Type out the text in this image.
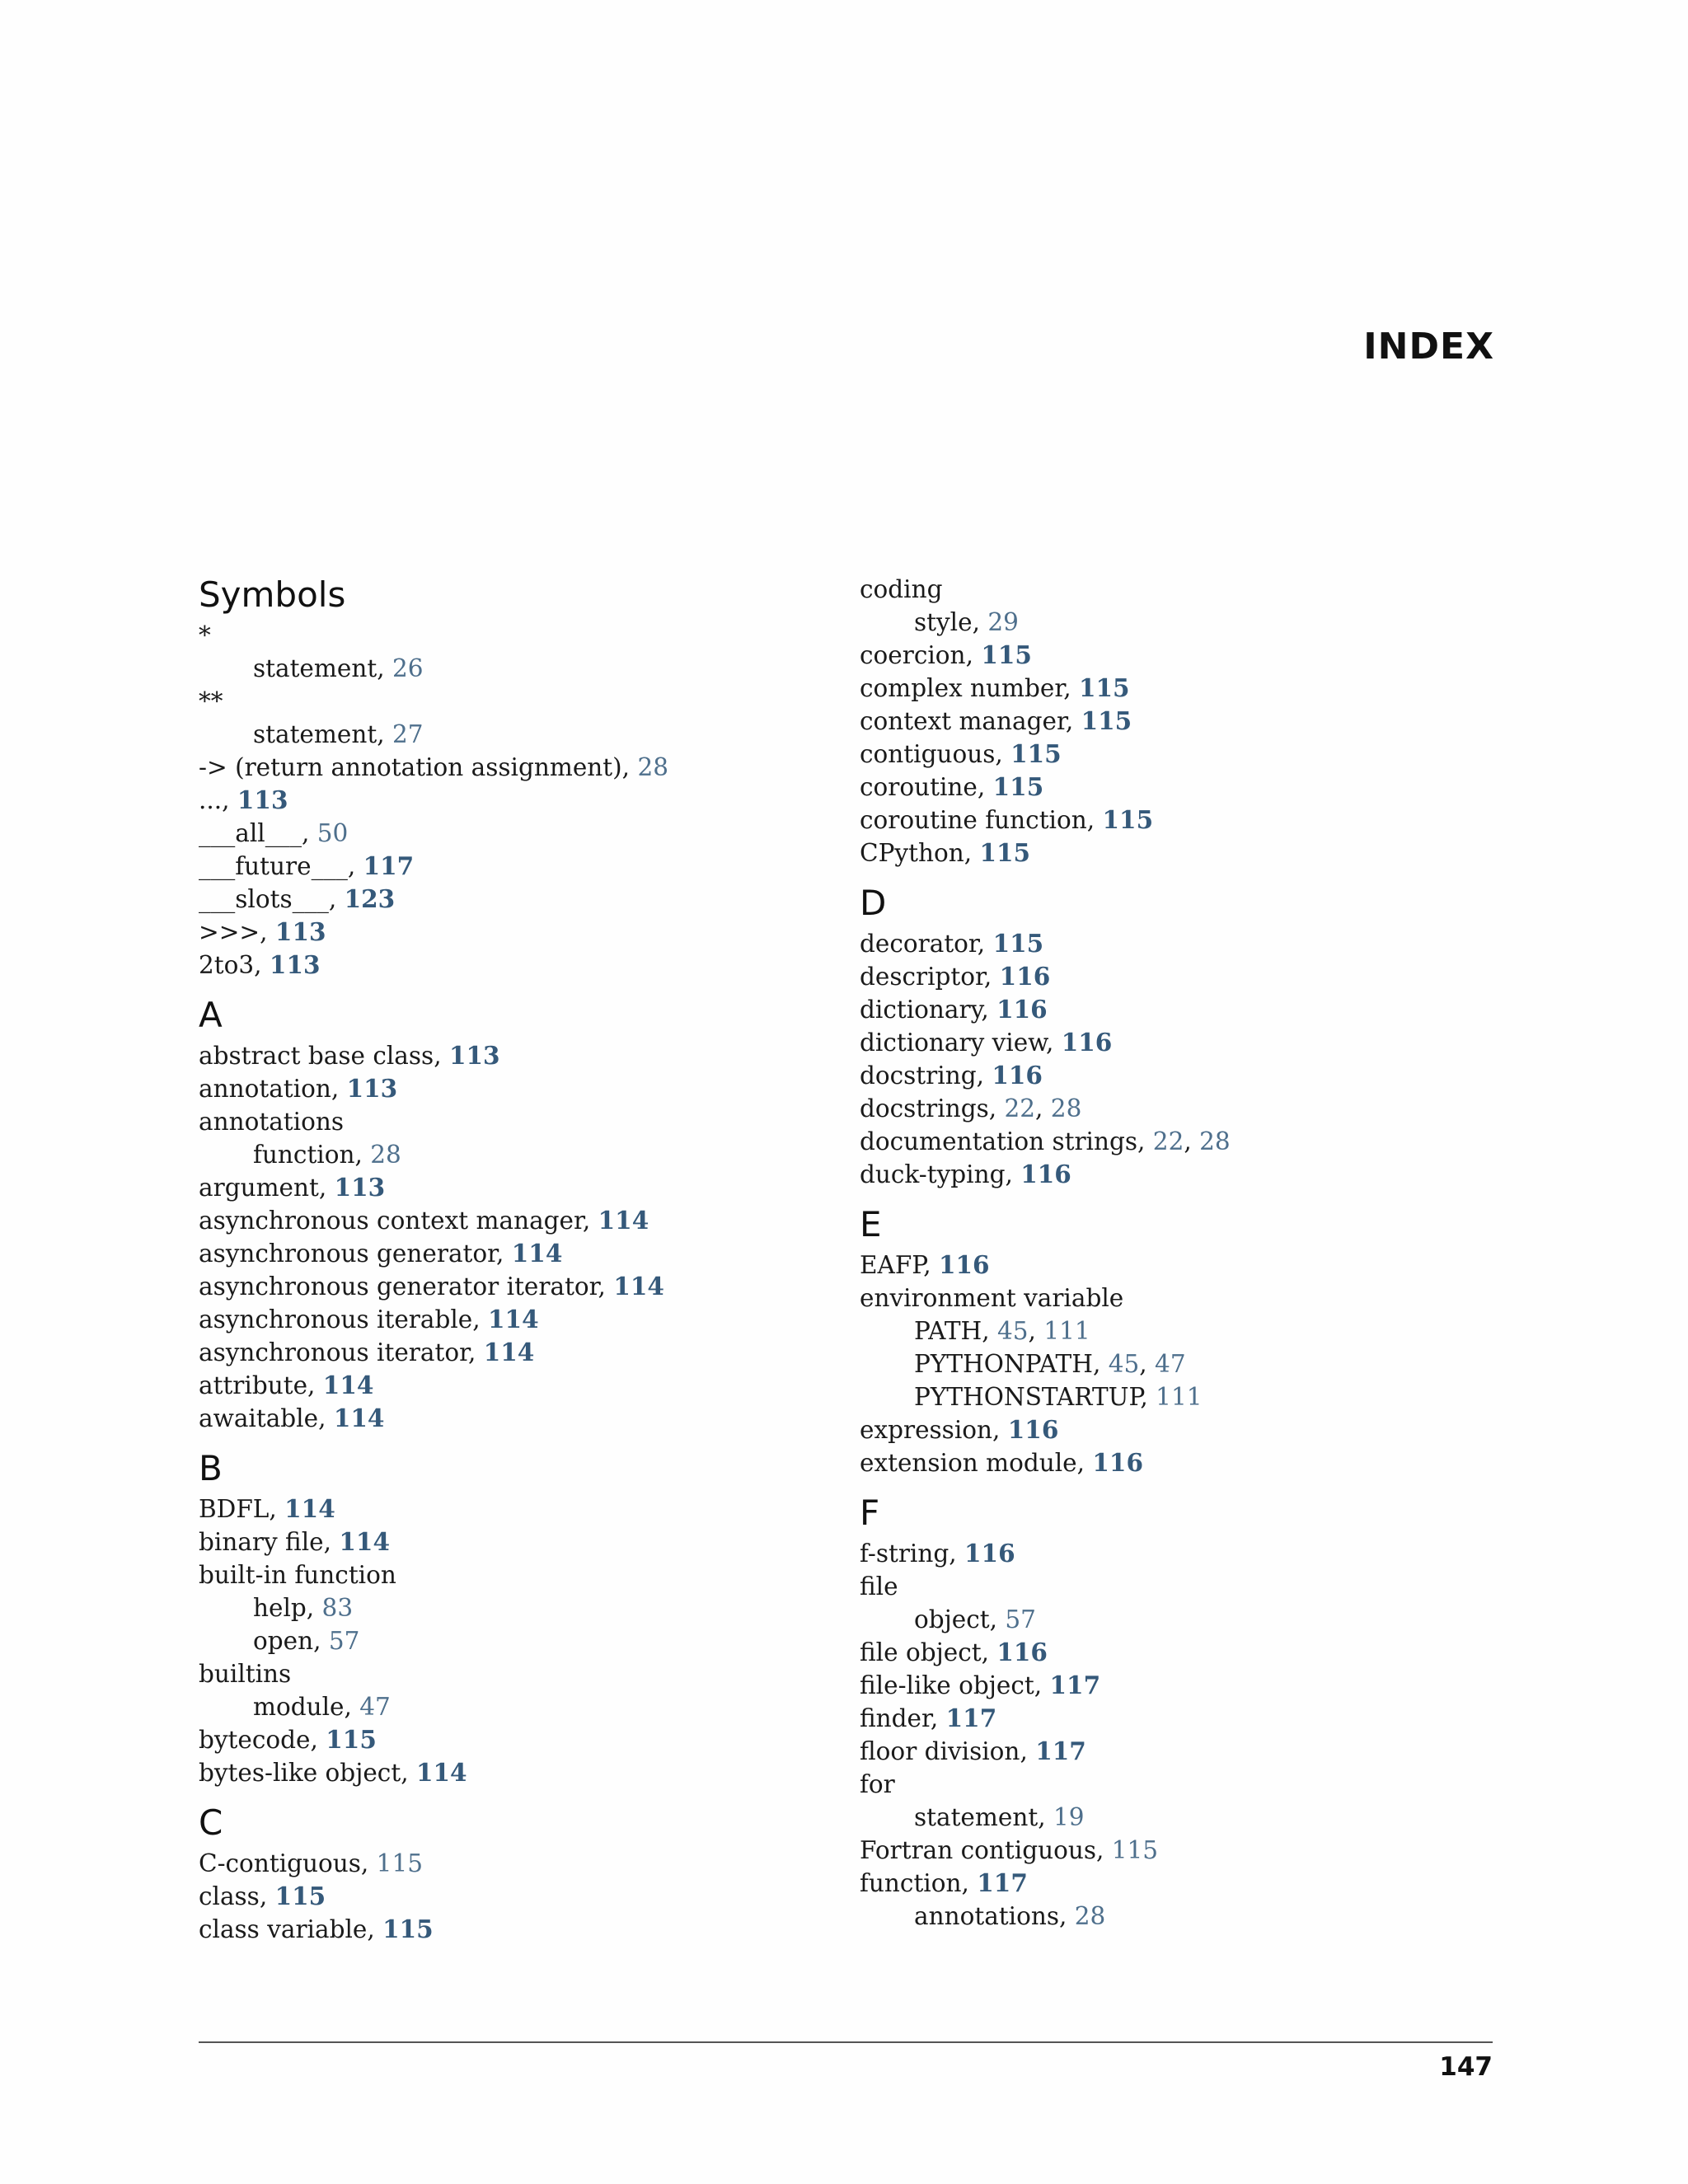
INDEX
Symbols
*
statement, 26
**
statement, 27
-> (return annotation assignment), 28
..., 113
___all___, 50
___future___, 117
___slots___, 123
>>>, 113
2to3, 113
A
abstract base class, 113
annotation, 113
annotations
function, 28
argument, 113
asynchronous context manager, 114
asynchronous generator, 114
asynchronous generator iterator, 114
asynchronous iterable, 114
asynchronous iterator, 114
attribute, 114
awaitable, 114
B
BDFL, 114
binary file, 114
built-in function
help, 83
open, 57
builtins
module, 47
bytecode, 115
bytes-like object, 114
C
C-contiguous, 115
class, 115
class variable, 115
coding
style, 29
coercion, 115
complex number, 115
context manager, 115
contiguous, 115
coroutine, 115
coroutine function, 115
CPython, 115
D
decorator, 115
descriptor, 116
dictionary, 116
dictionary view, 116
docstring, 116
docstrings, 22, 28
documentation strings, 22, 28
duck-typing, 116
E
EAFP, 116
environment variable
PATH, 45, 111
PYTHONPATH, 45, 47
PYTHONSTARTUP, 111
expression, 116
extension module, 116
F
f-string, 116
file
object, 57
file object, 116
file-like object, 117
finder, 117
floor division, 117
for
statement, 19
Fortran contiguous, 115
function, 117
annotations, 28
147
